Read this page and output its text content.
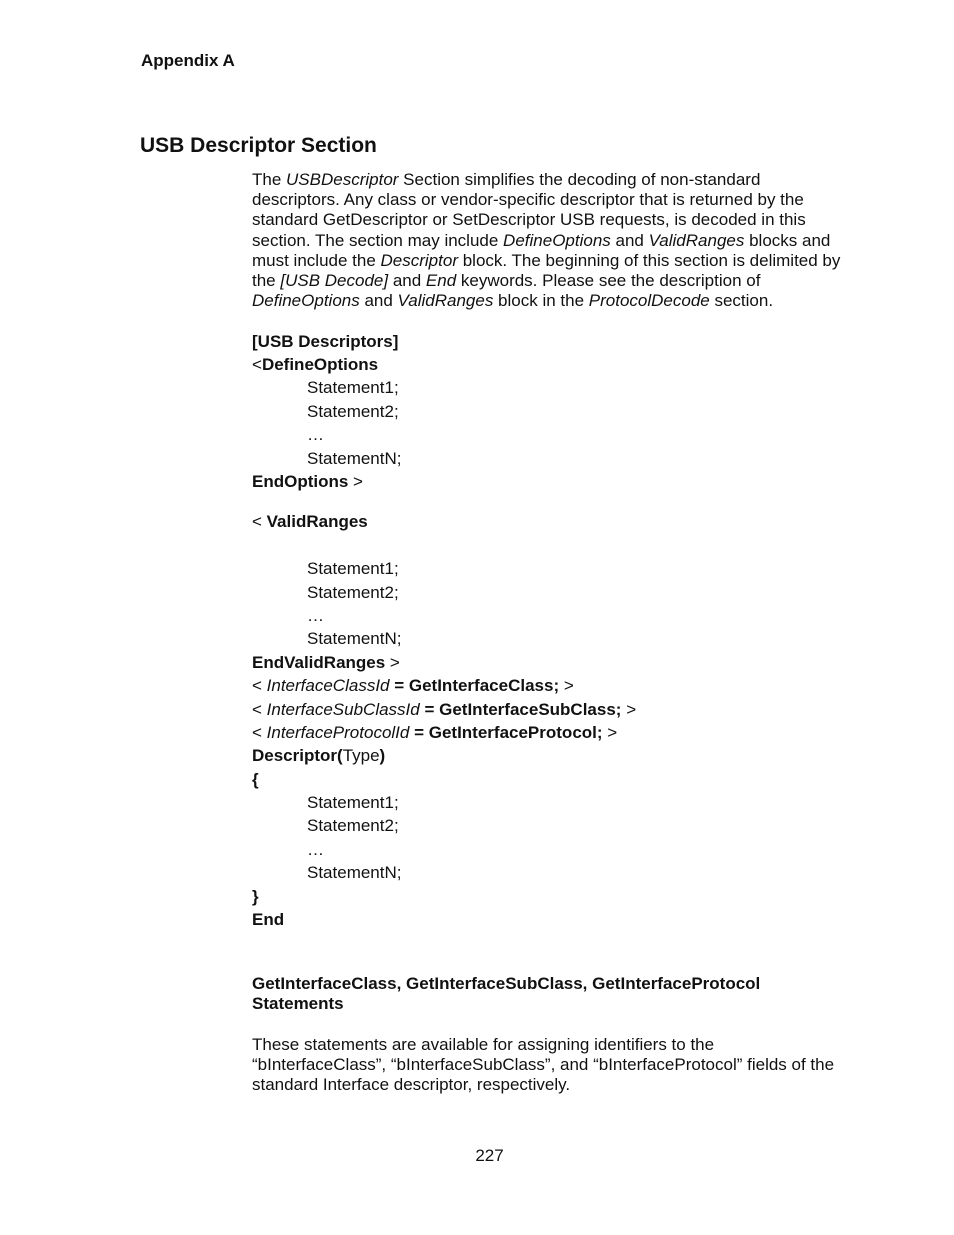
Appendix A
USB Descriptor Section
The USBDescriptor Section simplifies the decoding of non-standard descriptors. Any class or vendor-specific descriptor that is returned by the standard GetDescriptor or SetDescriptor USB requests, is decoded in this section. The section may include DefineOptions and ValidRanges blocks and must include the Descriptor block. The beginning of this section is delimited by the [USB Decode] and End keywords. Please see the description of DefineOptions and ValidRanges block in the ProtocolDecode section.
[USB Descriptors]
<DefineOptions
Statement1;
Statement2;
…
StatementN;
EndOptions >
< ValidRanges
Statement1;
Statement2;
…
StatementN;
EndValidRanges >
< InterfaceClassId = GetInterfaceClass; >
< InterfaceSubClassId = GetInterfaceSubClass; >
< InterfaceProtocolId = GetInterfaceProtocol; >
Descriptor(Type)
{
Statement1;
Statement2;
…
StatementN;
}
End
GetInterfaceClass, GetInterfaceSubClass, GetInterfaceProtocol
Statements
These statements are available for assigning identifiers to the “bInterfaceClass”, “bInterfaceSubClass”, and “bInterfaceProtocol” fields of the standard Interface descriptor, respectively.
227
